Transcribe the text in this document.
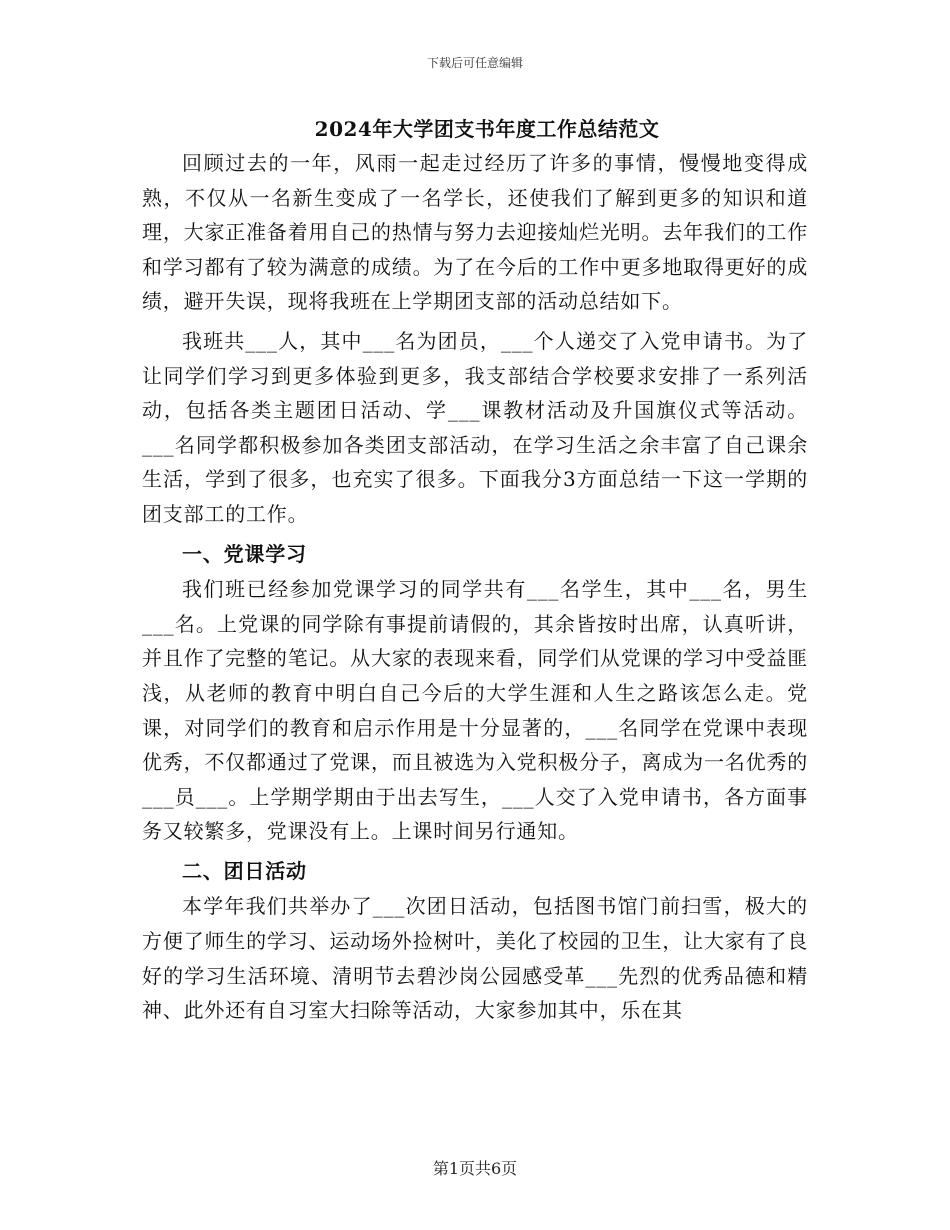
下载后可任意编辑
2024年大学团支书年度工作总结范文

回顾过去的一年，风雨一起走过经历了许多的事情，慢慢地变得成熟，不仅从一名新生变成了一名学长，还使我们了解到更多的知识和道理，大家正准备着用自己的热情与努力去迎接灿烂光明。去年我们的工作和学习都有了较为满意的成绩。为了在今后的工作中更多地取得更好的成绩，避开失误，现将我班在上学期团支部的活动总结如下。

我班共___人，其中___名为团员，___个人递交了入党申请书。为了让同学们学习到更多体验到更多，我支部结合学校要求安排了一系列活动，包括各类主题团日活动、学___课教材活动及升国旗仪式等活动。___名同学都积极参加各类团支部活动，在学习生活之余丰富了自己课余生活，学到了很多，也充实了很多。下面我分3方面总结一下这一学期的团支部工的工作。

一、党课学习

我们班已经参加党课学习的同学共有___名学生，其中___名，男生___名。上党课的同学除有事提前请假的，其余皆按时出席，认真听讲，并且作了完整的笔记。从大家的表现来看，同学们从党课的学习中受益匪浅，从老师的教育中明白自己今后的大学生涯和人生之路该怎么走。党课，对同学们的教育和启示作用是十分显著的，___名同学在党课中表现优秀，不仅都通过了党课，而且被选为入党积极分子，离成为一名优秀的___员___。上学期学期由于出去写生，___人交了入党申请书，各方面事务又较繁多，党课没有上。上课时间另行通知。

二、团日活动

本学年我们共举办了___次团日活动，包括图书馆门前扫雪，极大的方便了师生的学习、运动场外捡树叶，美化了校园的卫生，让大家有了良好的学习生活环境、清明节去碧沙岗公园感受革___先烈的优秀品德和精神、此外还有自习室大扫除等活动，大家参加其中，乐在其

第1页共6页
